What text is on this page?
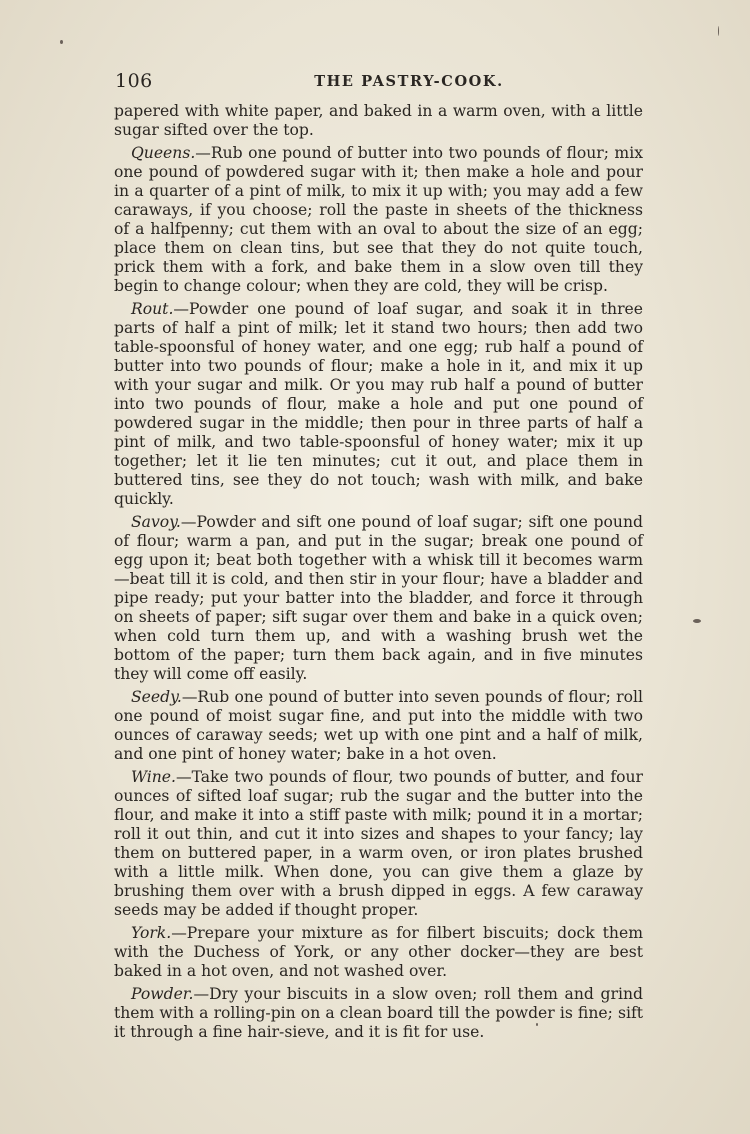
106	THE PASTRY-COOK.

papered with white paper, and baked in a warm oven, with a little sugar sifted over the top.

Queens.—Rub one pound of butter into two pounds of flour; mix one pound of powdered sugar with it; then make a hole and pour in a quarter of a pint of milk, to mix it up with; you may add a few caraways, if you choose; roll the paste in sheets of the thickness of a halfpenny; cut them with an oval to about the size of an egg; place them on clean tins, but see that they do not quite touch, prick them with a fork, and bake them in a slow oven till they begin to change colour; when they are cold, they will be crisp.

Rout.—Powder one pound of loaf sugar, and soak it in three parts of half a pint of milk; let it stand two hours; then add two table-spoonsful of honey water, and one egg; rub half a pound of butter into two pounds of flour; make a hole in it, and mix it up with your sugar and milk. Or you may rub half a pound of butter into two pounds of flour, make a hole and put one pound of powdered sugar in the middle; then pour in three parts of half a pint of milk, and two table-spoonsful of honey water; mix it up together; let it lie ten minutes; cut it out, and place them in buttered tins, see they do not touch; wash with milk, and bake quickly.

Savoy.—Powder and sift one pound of loaf sugar; sift one pound of flour; warm a pan, and put in the sugar; break one pound of egg upon it; beat both together with a whisk till it becomes warm—beat till it is cold, and then stir in your flour; have a bladder and pipe ready; put your batter into the bladder, and force it through on sheets of paper; sift sugar over them and bake in a quick oven; when cold turn them up, and with a washing brush wet the bottom of the paper; turn them back again, and in five minutes they will come off easily.

Seedy.—Rub one pound of butter into seven pounds of flour; roll one pound of moist sugar fine, and put into the middle with two ounces of caraway seeds; wet up with one pint and a half of milk, and one pint of honey water; bake in a hot oven.

Wine.—Take two pounds of flour, two pounds of butter, and four ounces of sifted loaf sugar; rub the sugar and the butter into the flour, and make it into a stiff paste with milk; pound it in a mortar; roll it out thin, and cut it into sizes and shapes to your fancy; lay them on buttered paper, in a warm oven, or iron plates brushed with a little milk. When done, you can give them a glaze by brushing them over with a brush dipped in eggs. A few caraway seeds may be added if thought proper.

York.—Prepare your mixture as for filbert biscuits; dock them with the Duchess of York, or any other docker—they are best baked in a hot oven, and not washed over.

Powder.—Dry your biscuits in a slow oven; roll them and grind them with a rolling-pin on a clean board till the powder is fine; sift it through a fine hair-sieve, and it is fit for use.
